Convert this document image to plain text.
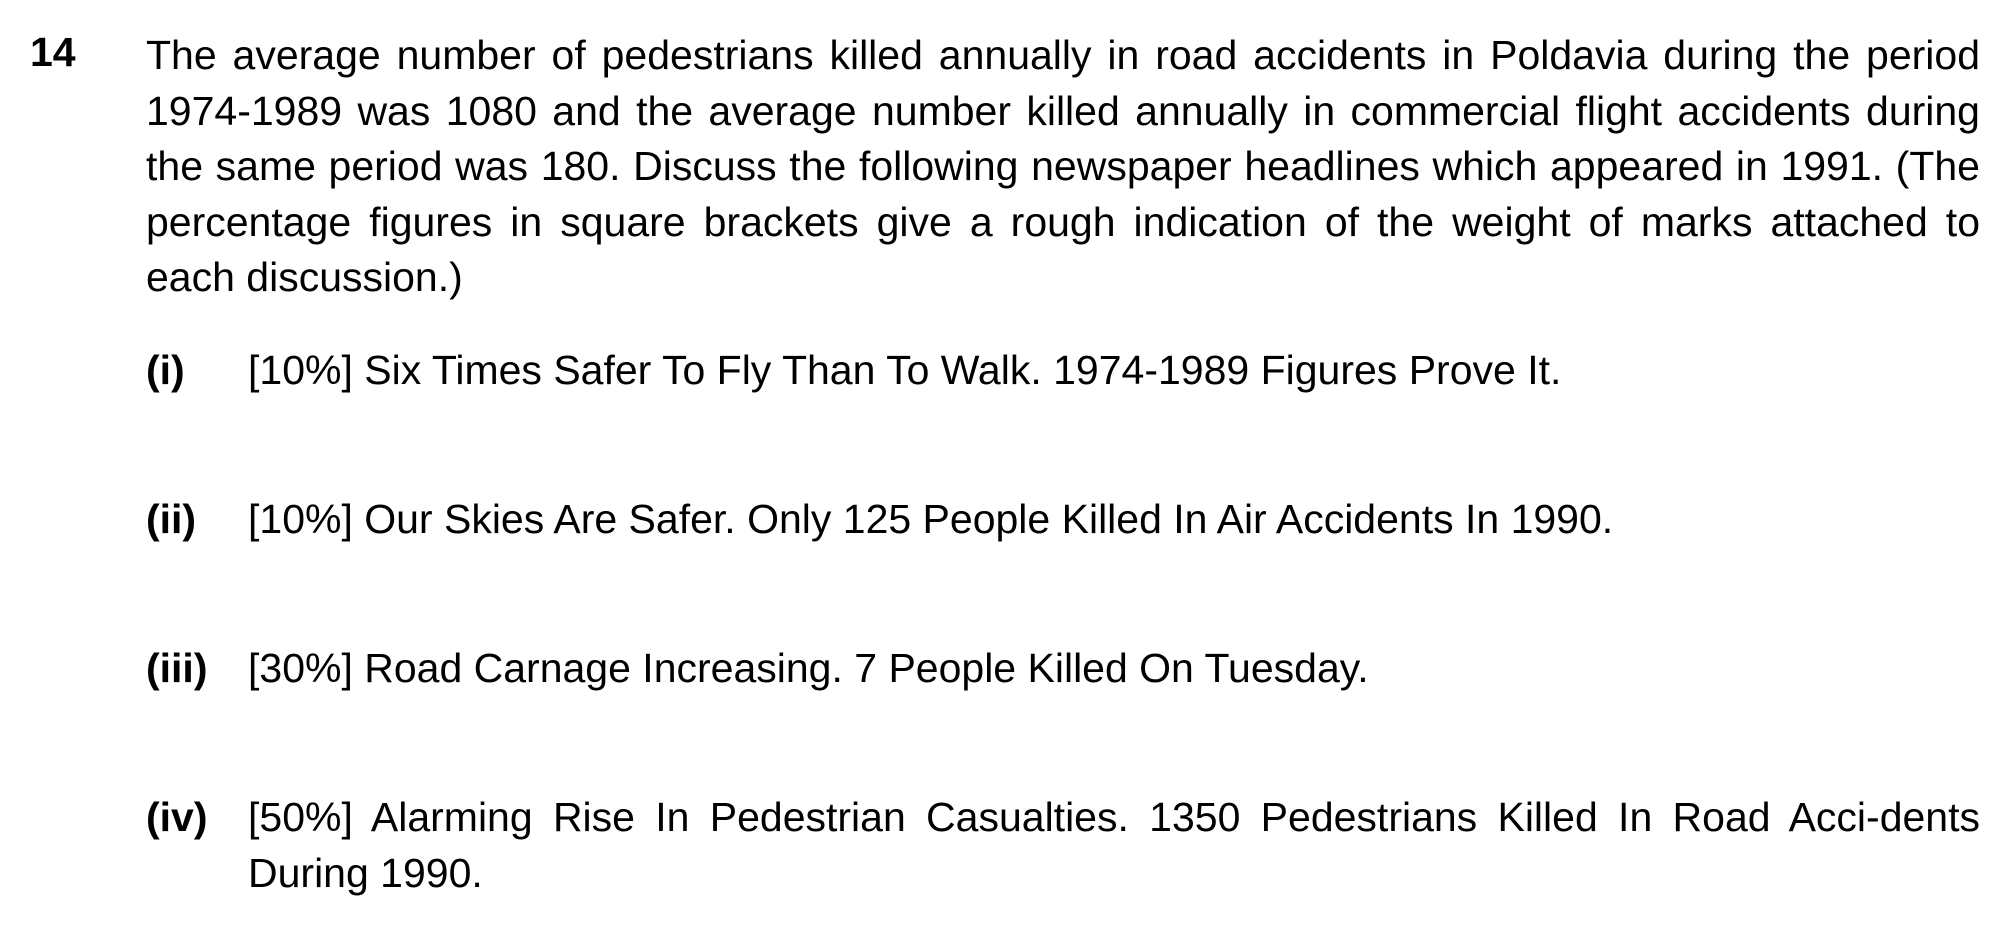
14 The average number of pedestrians killed annually in road accidents in Poldavia during the period 1974-1989 was 1080 and the average number killed annually in commercial flight accidents during the same period was 180. Discuss the following newspaper headlines which appeared in 1991. (The percentage figures in square brackets give a rough indication of the weight of marks attached to each discussion.)
(i) [10%] Six Times Safer To Fly Than To Walk. 1974-1989 Figures Prove It.
(ii) [10%] Our Skies Are Safer. Only 125 People Killed In Air Accidents In 1990.
(iii) [30%] Road Carnage Increasing. 7 People Killed On Tuesday.
(iv) [50%] Alarming Rise In Pedestrian Casualties. 1350 Pedestrians Killed In Road Acci-dents During 1990.
